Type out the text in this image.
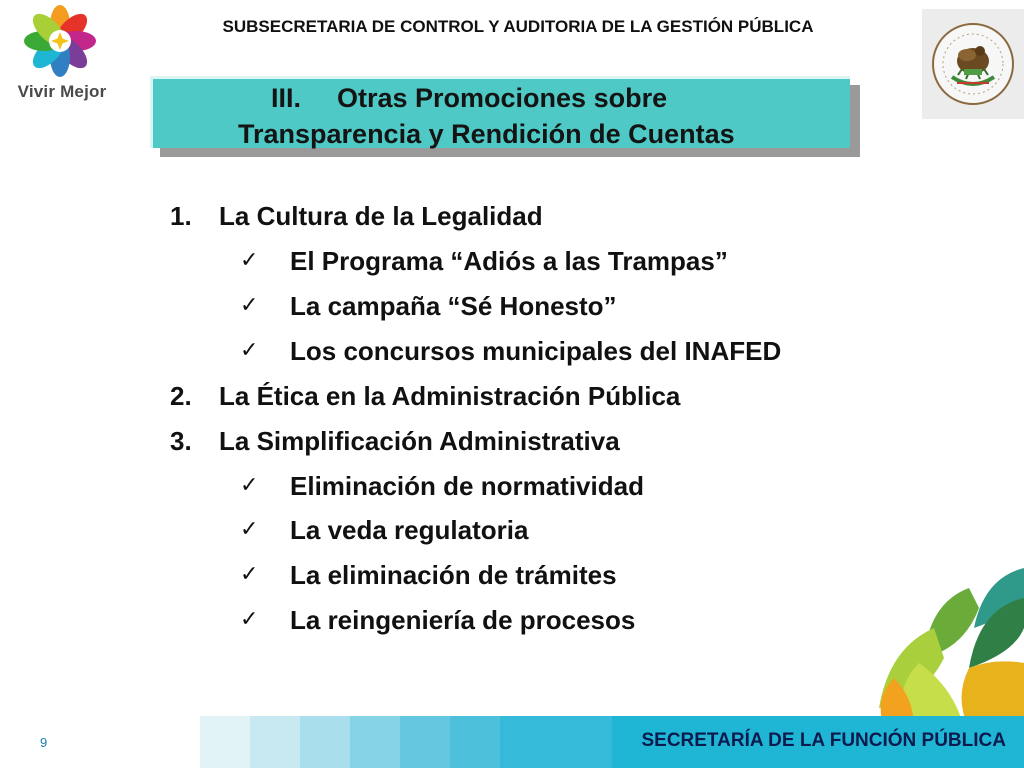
Vivir Mejor
SUBSECRETARIA DE CONTROL Y AUDITORIA DE LA GESTIÓN PÚBLICA
III. Otras Promociones sobre
Transparencia y Rendición de Cuentas
1. La Cultura de la Legalidad
✓ El Programa “Adiós a las Trampas”
✓ La campaña “Sé Honesto”
✓ Los concursos municipales del INAFED
2. La Ética en la Administración Pública
3. La Simplificación Administrativa
✓ Eliminación de normatividad
✓ La veda regulatoria
✓ La eliminación de trámites
✓ La reingeniería de procesos
9	SECRETARÍA DE LA FUNCIÓN PÚBLICA
